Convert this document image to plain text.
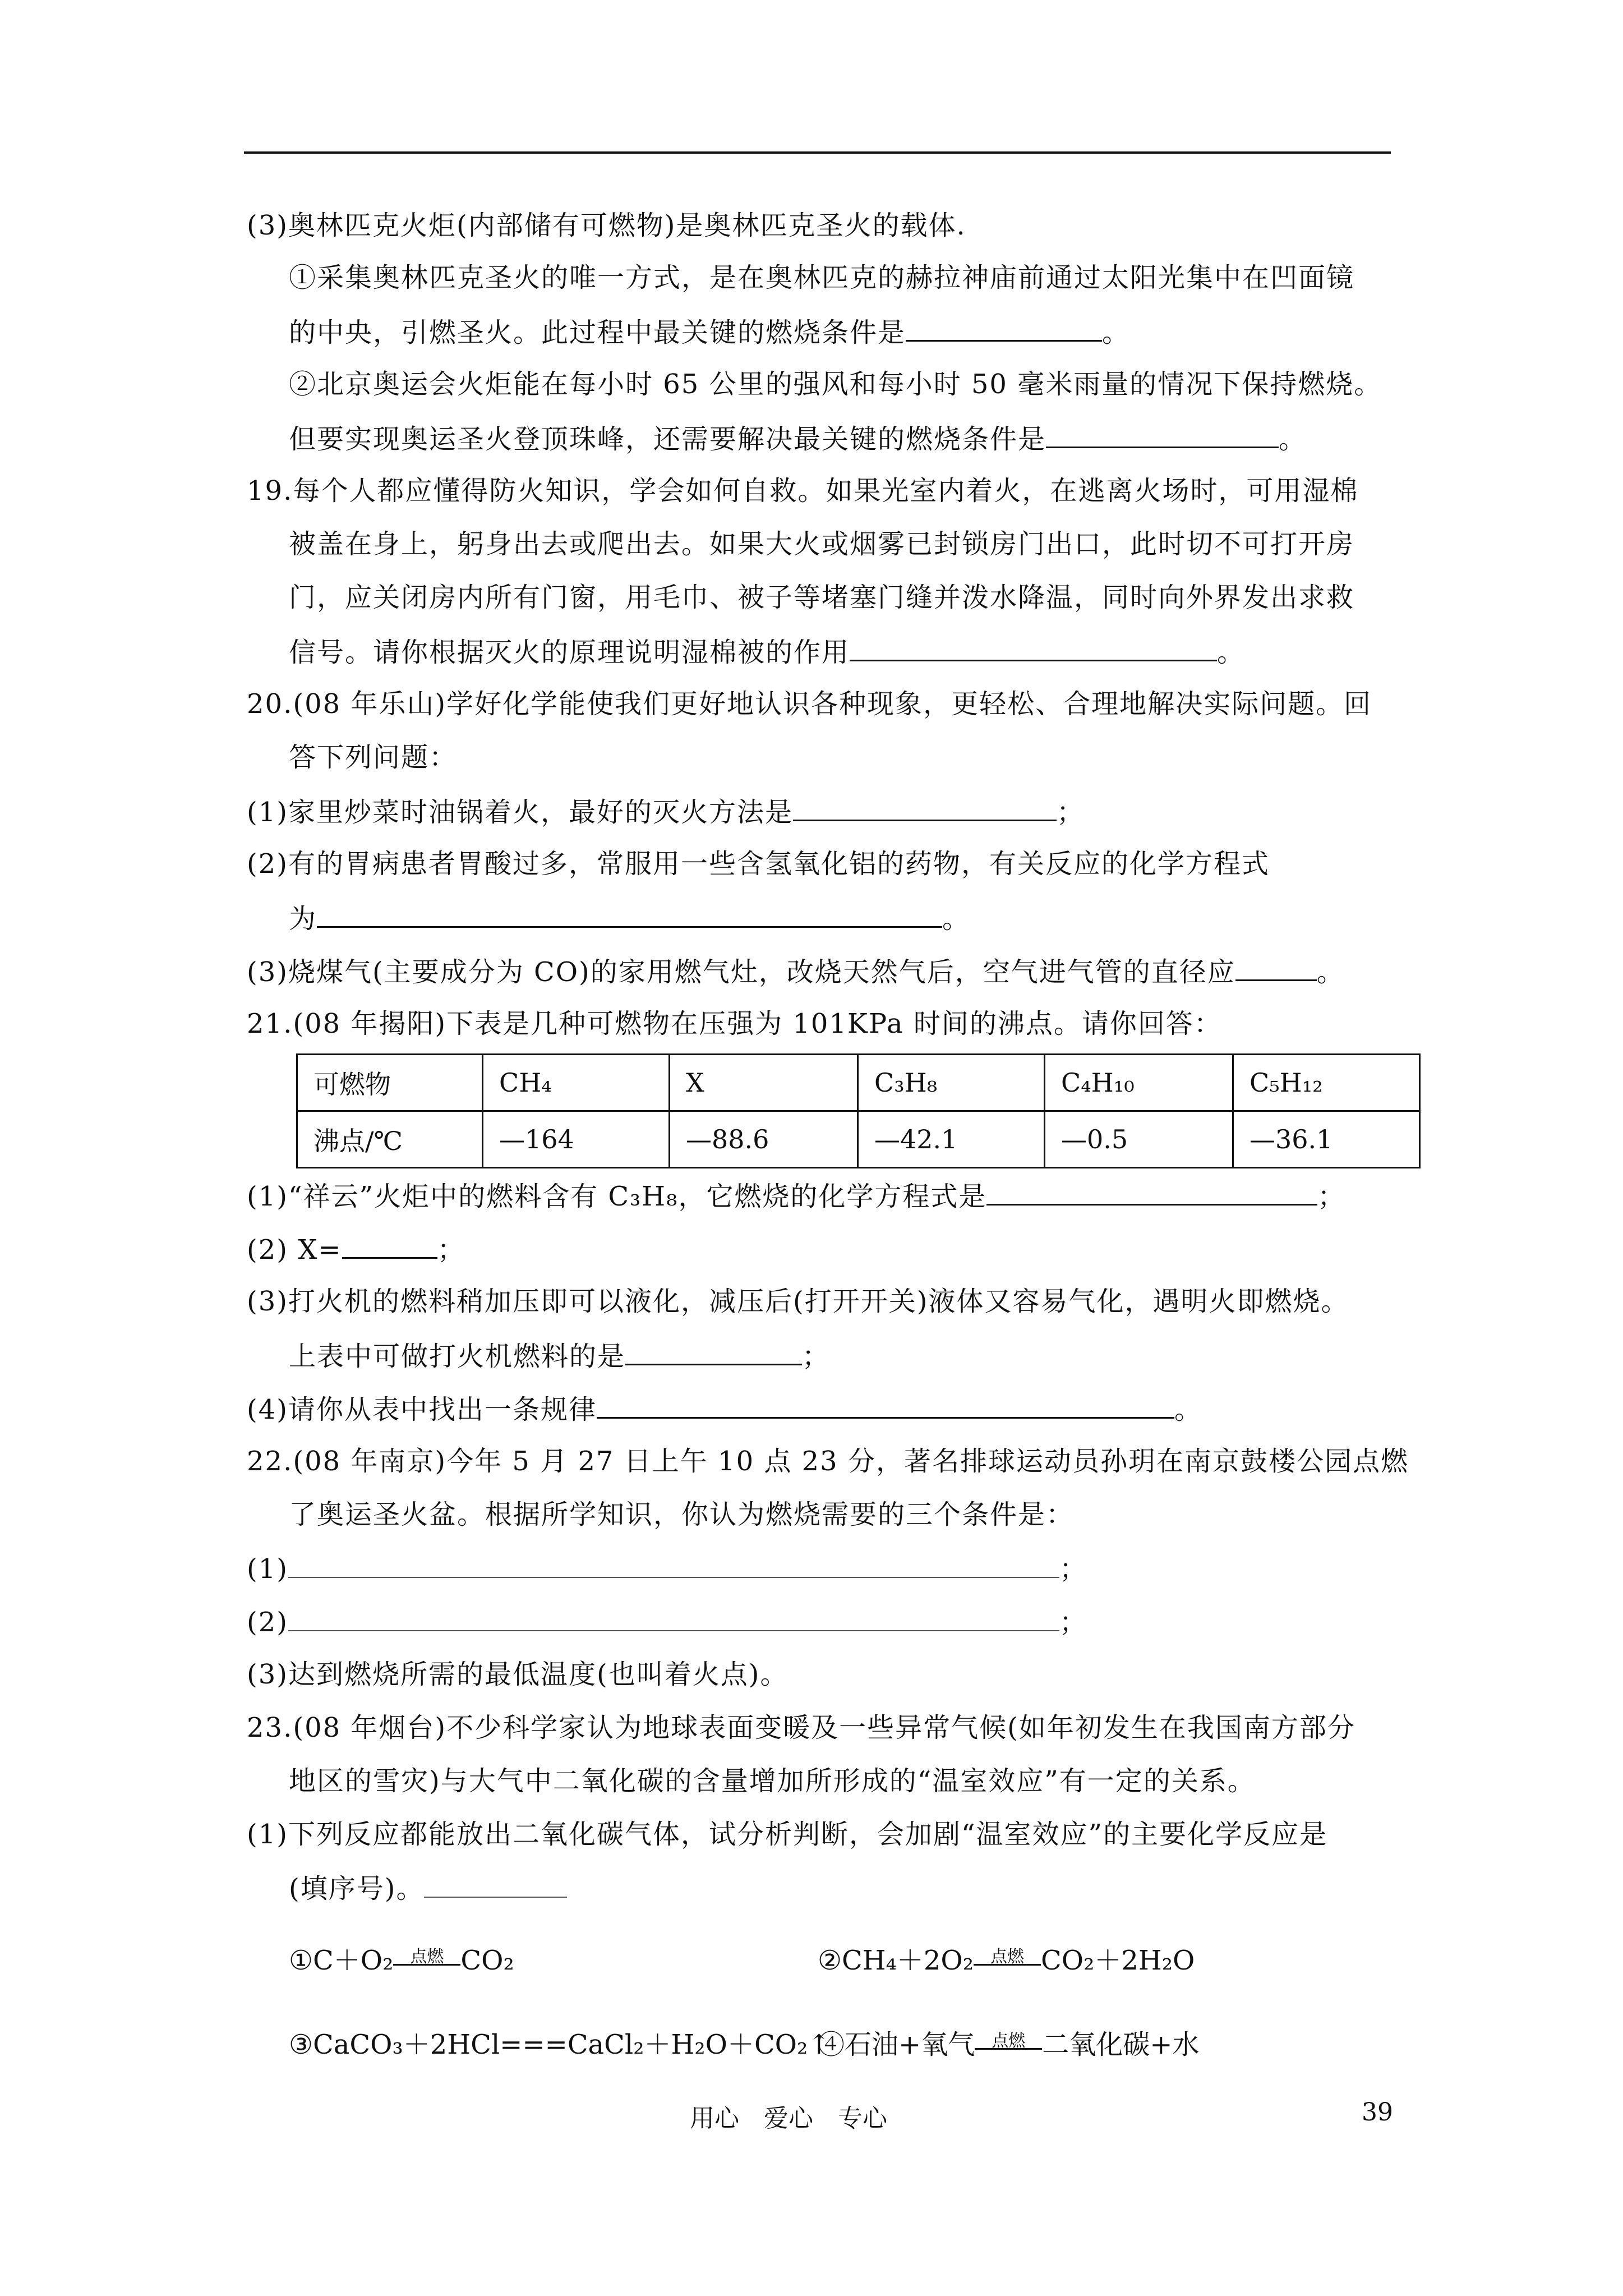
(3)奥林匹克火炬(内部储有可燃物)是奥林匹克圣火的载体.
①采集奥林匹克圣火的唯一方式，是在奥林匹克的赫拉神庙前通过太阳光集中在凹面镜
的中央，引燃圣火。此过程中最关键的燃烧条件是	。
②北京奥运会火炬能在每小时 65 公里的强风和每小时 50 毫米雨量的情况下保持燃烧。
但要实现奥运圣火登顶珠峰，还需要解决最关键的燃烧条件是	。
19.每个人都应懂得防火知识，学会如何自救。如果光室内着火，在逃离火场时，可用湿棉
被盖在身上，躬身出去或爬出去。如果大火或烟雾已封锁房门出口，此时切不可打开房
门，应关闭房内所有门窗，用毛巾、被子等堵塞门缝并泼水降温，同时向外界发出求救
信号。请你根据灭火的原理说明湿棉被的作用	。
20.(08 年乐山)学好化学能使我们更好地认识各种现象，更轻松、合理地解决实际问题。回
答下列问题：
(1)家里炒菜时油锅着火，最好的灭火方法是	；
(2)有的胃病患者胃酸过多，常服用一些含氢氧化铝的药物，有关反应的化学方程式
为	。
(3)烧煤气(主要成分为 CO)的家用燃气灶，改烧天然气后，空气进气管的直径应	。
21.(08 年揭阳)下表是几种可燃物在压强为 101KPa 时间的沸点。请你回答：
可燃物	CH₄	X	C₃H₈	C₄H₁₀	C₅H₁₂
沸点/℃	—164	—88.6	—42.1	—0.5	—36.1
(1)“祥云”火炬中的燃料含有 C₃H₈，它燃烧的化学方程式是	；
(2) X=	；
(3)打火机的燃料稍加压即可以液化，减压后(打开开关)液体又容易气化，遇明火即燃烧。
上表中可做打火机燃料的是	；
(4)请你从表中找出一条规律	。
22.(08 年南京)今年 5 月 27 日上午 10 点 23 分，著名排球运动员孙玥在南京鼓楼公园点燃
了奥运圣火盆。根据所学知识，你认为燃烧需要的三个条件是：
(1)	；
(2)	；
(3)达到燃烧所需的最低温度(也叫着火点)。
23.(08 年烟台)不少科学家认为地球表面变暖及一些异常气候(如年初发生在我国南方部分
地区的雪灾)与大气中二氧化碳的含量增加所形成的“温室效应”有一定的关系。
(1)下列反应都能放出二氧化碳气体，试分析判断，会加剧“温室效应”的主要化学反应是
(填序号)。
①C＋O₂	点燃 CO₂	②CH₄＋2O₂	点燃 CO₂＋2H₂O
③CaCO₃＋2HCl===CaCl₂＋H₂O＋CO₂↑
④石油+氧气	点燃 二氧化碳+水
用心　爱心　专心	39
